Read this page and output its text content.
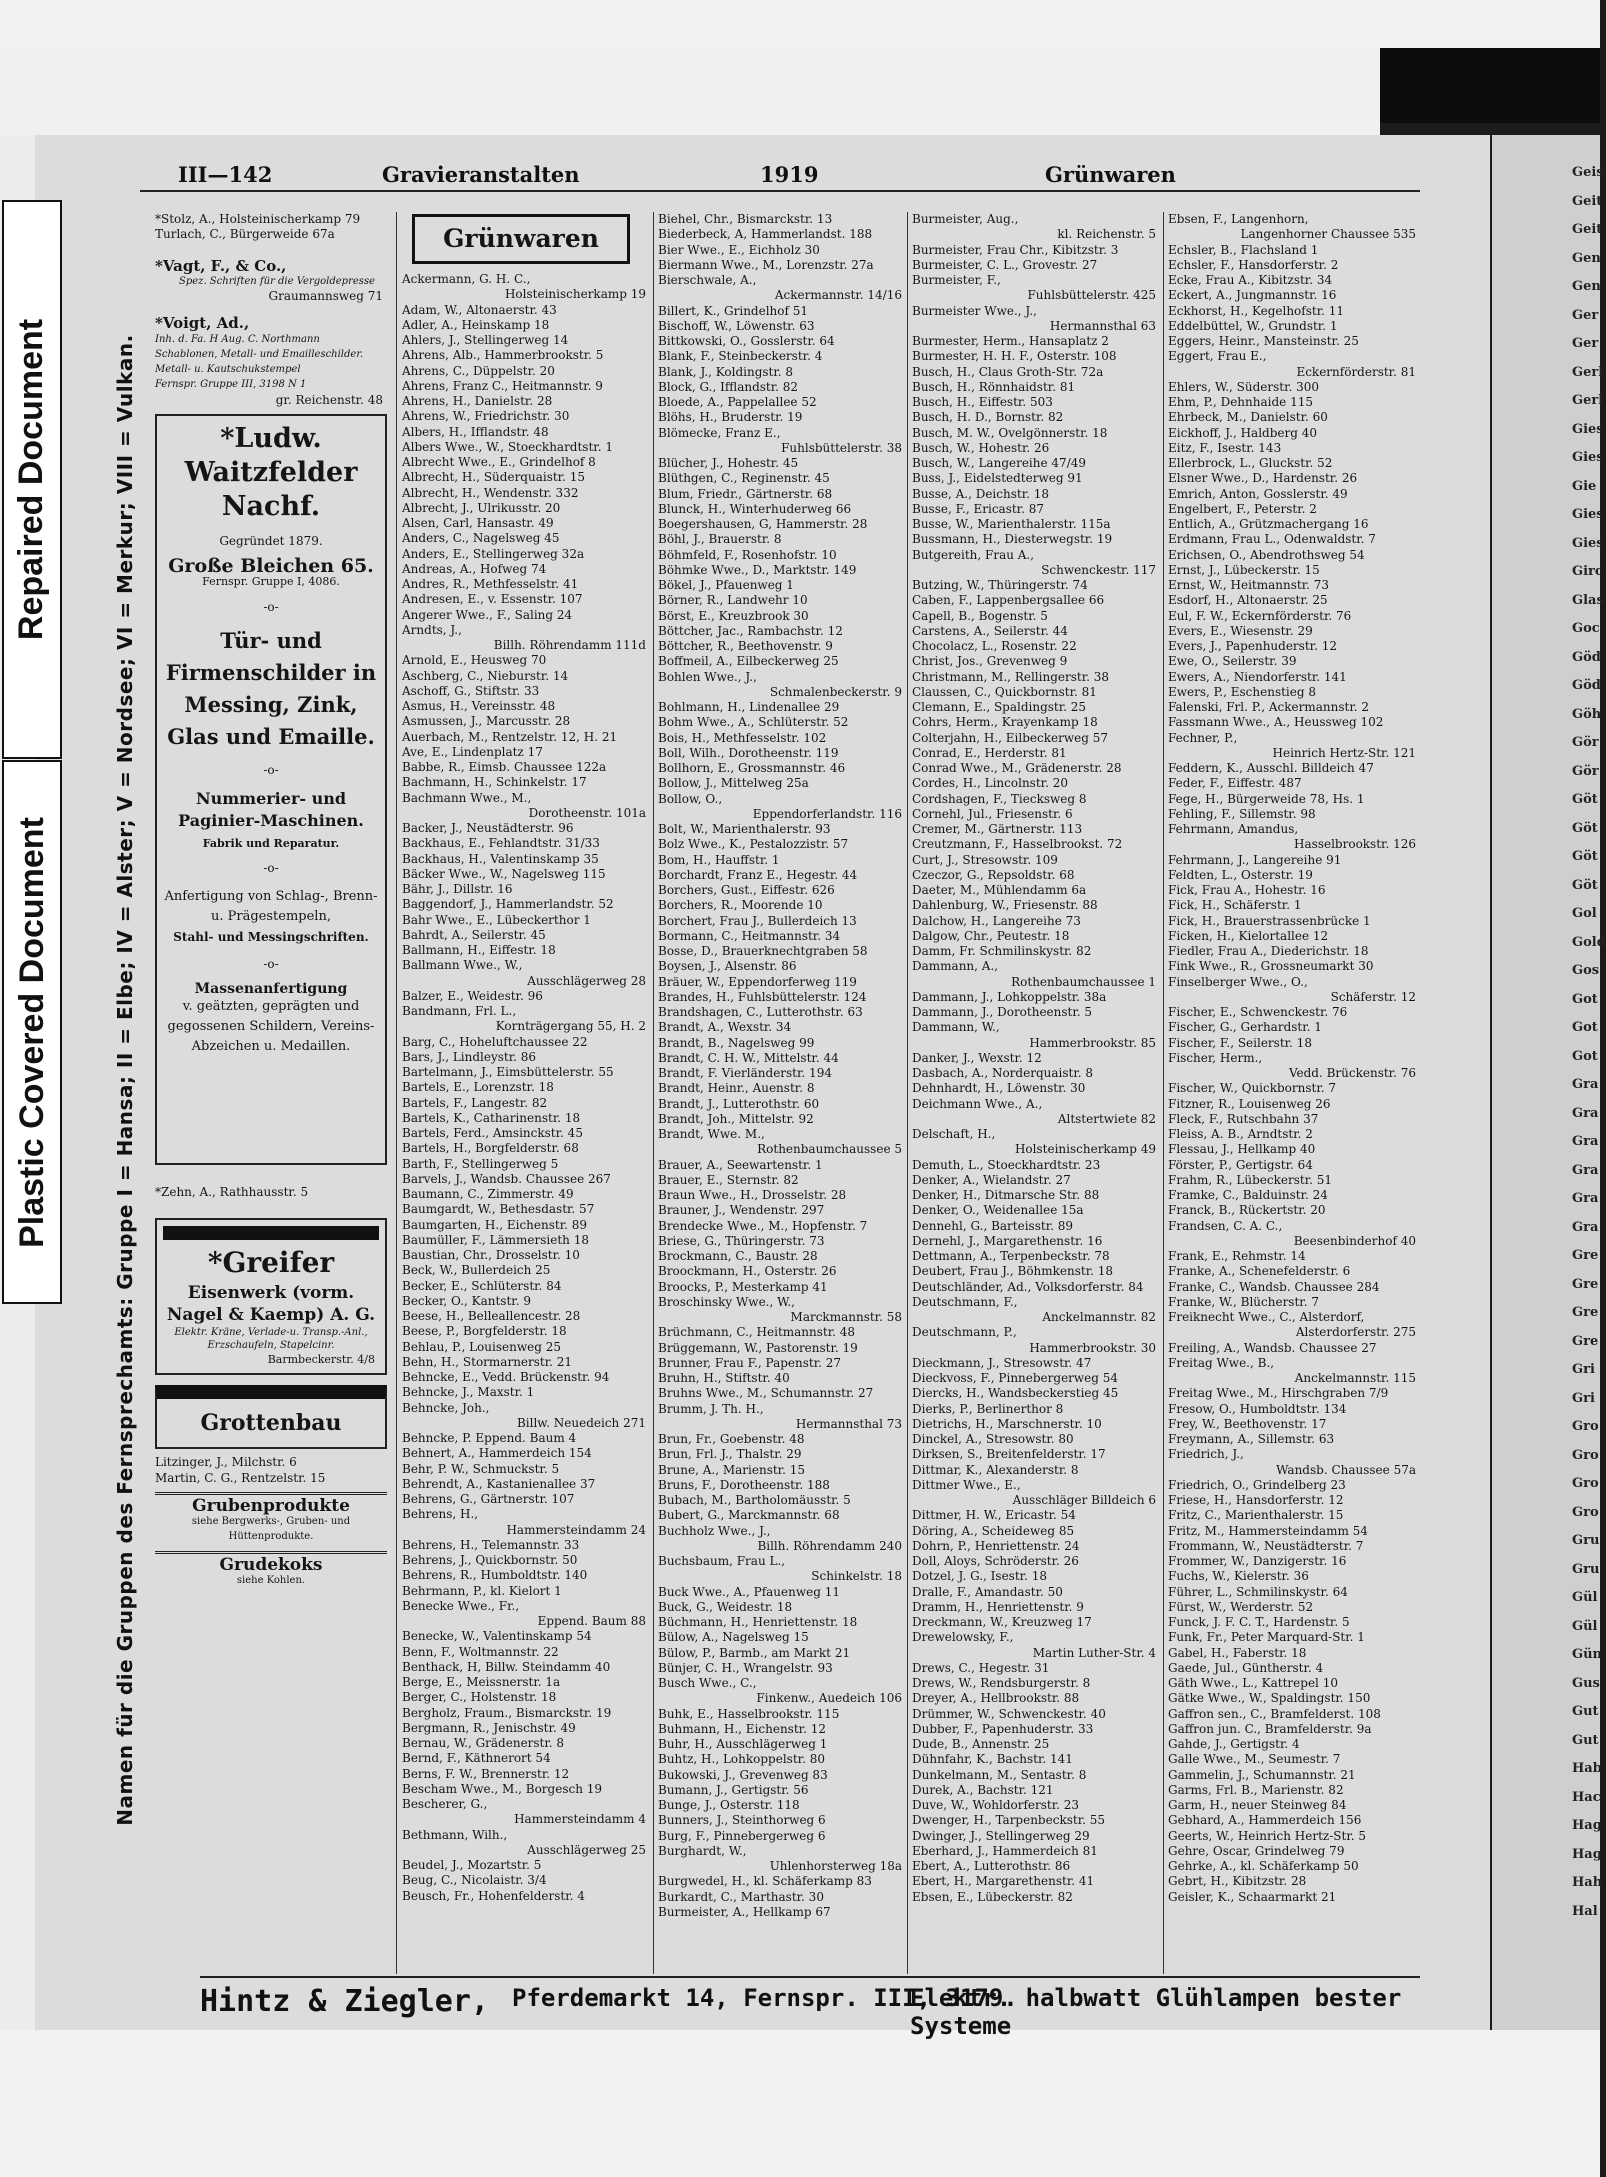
Geis
Geit
Geit
Gen
Gen
Ger
Ger
Gerl
Gerl
Gies
Gies
Gie
Gies
Gies
Girc
Glas
Goc
Göd
Göd
Göh
Gör
Gör
Göt
Göt
Göt
Göt
Gol
Gold
Gos
Got
Got
Got
Gra
Gra
Gra
Gra
Gra
Gra
Gre
Gre
Gre
Gre
Gri
Gri
Gro
Gro
Gro
Gro
Gru
Gru
Gül
Gül
Gün
Gus
Gut
Gut
Hab
Hac
Hag
Hag
Hah
Hal
Repaired Document
Plastic Covered Document
III—142	Gravieranstalten	1919	Grünwaren
Namen für die Gruppen des Fernsprechamts: Gruppe I = Hansa; II = Elbe; IV = Alster; V = Nordsee; VI = Merkur; VIII = Vulkan.
*Stolz, A., Holsteinischerkamp 79
Turlach, C., Bürgerweide 67a
*Vagt, F., & Co.,
Spez. Schriften für die Vergoldepresse
Graumannsweg 71
*Voigt, Ad.,
Inh. d. Fa. H Aug. C. Northmann
Schablonen, Metall- und Emailleschilder.
Metall- u. Kautschukstempel
Fernspr. Gruppe III, 3198 N 1
gr. Reichenstr. 48
*Ludw. Waitzfelder Nachf.
Gegründet 1879.
Große Bleichen 65.
Fernspr. Gruppe I, 4086.
-o-
Tür- und Firmenschilder in Messing, Zink, Glas und Emaille.
-o-
Nummerier- und Paginier-Maschinen.
Fabrik und Reparatur.
-o-
Anfertigung von Schlag-, Brenn- u. Prägestempeln,
Stahl- und Messingschriften.
-o-
Massenanfertigung
v. geätzten, geprägten und gegossenen Schildern, Vereins-Abzeichen u. Medaillen.
*Zehn, A., Rathhausstr. 5
*Greifer
Eisenwerk (vorm. Nagel & Kaemp) A. G.
Elektr. Kräne, Verlade-u. Transp.-Anl., Erzschaufeln, Stapelcinr.
Barmbeckerstr. 4/8
Grottenbau
Litzinger, J., Milchstr. 6
Martin, C. G., Rentzelstr. 15
Grubenprodukte
siehe Bergwerks-, Gruben- und Hüttenprodukte.
Grudekoks
siehe Kohlen.
Grünwaren
Ackermann, G. H. C.,
Holsteinischerkamp 19
Adam, W., Altonaerstr. 43
Adler, A., Heinskamp 18
Ahlers, J., Stellingerweg 14
Ahrens, Alb., Hammerbrookstr. 5
Ahrens, C., Düppelstr. 20
Ahrens, Franz C., Heitmannstr. 9
Ahrens, H., Danielstr. 28
Ahrens, W., Friedrichstr. 30
Albers, H., Ifflandstr. 48
Albers Wwe., W., Stoeckhardtstr. 1
Albrecht Wwe., E., Grindelhof 8
Albrecht, H., Süderquaistr. 15
Albrecht, H., Wendenstr. 332
Albrecht, J., Ulrikusstr. 20
Alsen, Carl, Hansastr. 49
Anders, C., Nagelsweg 45
Anders, E., Stellingerweg 32a
Andreas, A., Hofweg 74
Andres, R., Methfesselstr. 41
Andresen, E., v. Essenstr. 107
Angerer Wwe., F., Saling 24
Arndts, J.,
Billh. Röhrendamm 111d
Arnold, E., Heusweg 70
Aschberg, C., Nieburstr. 14
Aschoff, G., Stiftstr. 33
Asmus, H., Vereinsstr. 48
Asmussen, J., Marcusstr. 28
Auerbach, M., Rentzelstr. 12, H. 21
Ave, E., Lindenplatz 17
Babbe, R., Eimsb. Chaussee 122a
Bachmann, H., Schinkelstr. 17
Bachmann Wwe., M.,
Dorotheenstr. 101a
Backer, J., Neustädterstr. 96
Backhaus, E., Fehlandtstr. 31/33
Backhaus, H., Valentinskamp 35
Bäcker Wwe., W., Nagelsweg 115
Bähr, J., Dillstr. 16
Baggendorf, J., Hammerlandstr. 52
Bahr Wwe., E., Lübeckerthor 1
Bahrdt, A., Seilerstr. 45
Ballmann, H., Eiffestr. 18
Ballmann Wwe., W.,
Ausschlägerweg 28
Balzer, E., Weidestr. 96
Bandmann, Frl. L.,
Kornträgergang 55, H. 2
Barg, C., Hoheluftchaussee 22
Bars, J., Lindleystr. 86
Bartelmann, J., Eimsbüttelerstr. 55
Bartels, E., Lorenzstr. 18
Bartels, F., Langestr. 82
Bartels, K., Catharinenstr. 18
Bartels, Ferd., Amsinckstr. 45
Bartels, H., Borgfelderstr. 68
Barth, F., Stellingerweg 5
Barvels, J., Wandsb. Chaussee 267
Baumann, C., Zimmerstr. 49
Baumgardt, W., Bethesdastr. 57
Baumgarten, H., Eichenstr. 89
Baumüller, F., Lämmersieth 18
Baustian, Chr., Drosselstr. 10
Beck, W., Bullerdeich 25
Becker, E., Schlüterstr. 84
Becker, O., Kantstr. 9
Beese, H., Belleallencestr. 28
Beese, P., Borgfelderstr. 18
Behlau, P., Louisenweg 25
Behn, H., Stormarnerstr. 21
Behncke, E., Vedd. Brückenstr. 94
Behncke, J., Maxstr. 1
Behncke, Joh.,
Billw. Neuedeich 271
Behncke, P. Eppend. Baum 4
Behnert, A., Hammerdeich 154
Behr, P. W., Schmuckstr. 5
Behrendt, A., Kastanienallee 37
Behrens, G., Gärtnerstr. 107
Behrens, H.,
Hammersteindamm 24
Behrens, H., Telemannstr. 33
Behrens, J., Quickbornstr. 50
Behrens, R., Humboldtstr. 140
Behrmann, P., kl. Kielort 1
Benecke Wwe., Fr.,
Eppend. Baum 88
Benecke, W., Valentinskamp 54
Benn, F., Woltmannstr. 22
Benthack, H, Billw. Steindamm 40
Berge, E., Meissnerstr. 1a
Berger, C., Holstenstr. 18
Bergholz, Fraum., Bismarckstr. 19
Bergmann, R., Jenischstr. 49
Bernau, W., Grädenerstr. 8
Bernd, F., Käthnerort 54
Berns, F. W., Brennerstr. 12
Bescham Wwe., M., Borgesch 19
Bescherer, G.,
Hammersteindamm 4
Bethmann, Wilh.,
Ausschlägerweg 25
Beudel, J., Mozartstr. 5
Beug, C., Nicolaistr. 3/4
Beusch, Fr., Hohenfelderstr. 4
Biehel, Chr., Bismarckstr. 13
Biederbeck, A, Hammerlandst. 188
Bier Wwe., E., Eichholz 30
Biermann Wwe., M., Lorenzstr. 27a
Bierschwale, A.,
Ackermannstr. 14/16
Billert, K., Grindelhof 51
Bischoff, W., Löwenstr. 63
Bittkowski, O., Gosslerstr. 64
Blank, F., Steinbeckerstr. 4
Blank, J., Koldingstr. 8
Block, G., Ifflandstr. 82
Bloede, A., Pappelallee 52
Blöhs, H., Bruderstr. 19
Blömecke, Franz E.,
Fuhlsbüttelerstr. 38
Blücher, J., Hohestr. 45
Blüthgen, C., Reginenstr. 45
Blum, Friedr., Gärtnerstr. 68
Blunck, H., Winterhuderweg 66
Boegershausen, G, Hammerstr. 28
Böhl, J., Brauerstr. 8
Böhmfeld, F., Rosenhofstr. 10
Böhmke Wwe., D., Marktstr. 149
Bökel, J., Pfauenweg 1
Börner, R., Landwehr 10
Börst, E., Kreuzbrook 30
Böttcher, Jac., Rambachstr. 12
Böttcher, R., Beethovenstr. 9
Boffmeil, A., Eilbeckerweg 25
Bohlen Wwe., J.,
Schmalenbeckerstr. 9
Bohlmann, H., Lindenallee 29
Bohm Wwe., A., Schlüterstr. 52
Bois, H., Methfesselstr. 102
Boll, Wilh., Dorotheenstr. 119
Bollhorn, E., Grossmannstr. 46
Bollow, J., Mittelweg 25a
Bollow, O.,
Eppendorferlandstr. 116
Bolt, W., Marienthalerstr. 93
Bolz Wwe., K., Pestalozzistr. 57
Bom, H., Hauffstr. 1
Borchardt, Franz E., Hegestr. 44
Borchers, Gust., Eiffestr. 626
Borchers, R., Moorende 10
Borchert, Frau J., Bullerdeich 13
Bormann, C., Heitmannstr. 34
Bosse, D., Brauerknechtgraben 58
Boysen, J., Alsenstr. 86
Bräuer, W., Eppendorferweg 119
Brandes, H., Fuhlsbüttelerstr. 124
Brandshagen, C., Lutterothstr. 63
Brandt, A., Wexstr. 34
Brandt, B., Nagelsweg 99
Brandt, C. H. W., Mittelstr. 44
Brandt, F. Vierländerstr. 194
Brandt, Heinr., Auenstr. 8
Brandt, J., Lutterothstr. 60
Brandt, Joh., Mittelstr. 92
Brandt, Wwe. M.,
Rothenbaumchaussee 5
Brauer, A., Seewartenstr. 1
Brauer, E., Sternstr. 82
Braun Wwe., H., Drosselstr. 28
Brauner, J., Wendenstr. 297
Brendecke Wwe., M., Hopfenstr. 7
Briese, G., Thüringerstr. 73
Brockmann, C., Baustr. 28
Broockmann, H., Osterstr. 26
Broocks, P., Mesterkamp 41
Broschinsky Wwe., W.,
Marckmannstr. 58
Brüchmann, C., Heitmannstr. 48
Brüggemann, W., Pastorenstr. 19
Brunner, Frau F., Papenstr. 27
Bruhn, H., Stiftstr. 40
Bruhns Wwe., M., Schumannstr. 27
Brumm, J. Th. H.,
Hermannsthal 73
Brun, Fr., Goebenstr. 48
Brun, Frl. J., Thalstr. 29
Brune, A., Marienstr. 15
Bruns, F., Dorotheenstr. 188
Bubach, M., Bartholomäusstr. 5
Bubert, G., Marckmannstr. 68
Buchholz Wwe., J.,
Billh. Röhrendamm 240
Buchsbaum, Frau L.,
Schinkelstr. 18
Buck Wwe., A., Pfauenweg 11
Buck, G., Weidestr. 18
Büchmann, H., Henriettenstr. 18
Bülow, A., Nagelsweg 15
Bülow, P., Barmb., am Markt 21
Bünjer, C. H., Wrangelstr. 93
Busch Wwe., C.,
Finkenw., Auedeich 106
Buhk, E., Hasselbrookstr. 115
Buhmann, H., Eichenstr. 12
Buhr, H., Ausschlägerweg 1
Buhtz, H., Lohkoppelstr. 80
Bukowski, J., Grevenweg 83
Bumann, J., Gertigstr. 56
Bunge, J., Osterstr. 118
Bunners, J., Steinthorweg 6
Burg, F., Pinnebergerweg 6
Burghardt, W.,
Uhlenhorsterweg 18a
Burgwedel, H., kl. Schäferkamp 83
Burkardt, C., Marthastr. 30
Burmeister, A., Hellkamp 67
Burmeister, Aug.,
kl. Reichenstr. 5
Burmeister, Frau Chr., Kibitzstr. 3
Burmeister, C. L., Grovestr. 27
Burmeister, F.,
Fuhlsbüttelerstr. 425
Burmeister Wwe., J.,
Hermannsthal 63
Burmester, Herm., Hansaplatz 2
Burmester, H. H. F., Osterstr. 108
Busch, H., Claus Groth-Str. 72a
Busch, H., Rönnhaidstr. 81
Busch, H., Eiffestr. 503
Busch, H. D., Bornstr. 82
Busch, M. W., Ovelgönnerstr. 18
Busch, W., Hohestr. 26
Busch, W., Langereihe 47/49
Buss, J., Eidelstedterweg 91
Busse, A., Deichstr. 18
Busse, F., Ericastr. 87
Busse, W., Marienthalerstr. 115a
Bussmann, H., Diesterwegstr. 19
Butgereith, Frau A.,
Schwenckestr. 117
Butzing, W., Thüringerstr. 74
Caben, F., Lappenbergsallee 66
Capell, B., Bogenstr. 5
Carstens, A., Seilerstr. 44
Chocolacz, L., Rosenstr. 22
Christ, Jos., Grevenweg 9
Christmann, M., Rellingerstr. 38
Claussen, C., Quickbornstr. 81
Clemann, E., Spaldingstr. 25
Cohrs, Herm., Krayenkamp 18
Colterjahn, H., Eilbeckerweg 57
Conrad, E., Herderstr. 81
Conrad Wwe., M., Grädenerstr. 28
Cordes, H., Lincolnstr. 20
Cordshagen, F., Tiecksweg 8
Cornehl, Jul., Friesenstr. 6
Cremer, M., Gärtnerstr. 113
Creutzmann, F., Hasselbrookst. 72
Curt, J., Stresowstr. 109
Czeczor, G., Repsoldstr. 68
Daeter, M., Mühlendamm 6a
Dahlenburg, W., Friesenstr. 88
Dalchow, H., Langereihe 73
Dalgow, Chr., Peutestr. 18
Damm, Fr. Schmilinskystr. 82
Dammann, A.,
Rothenbaumchaussee 1
Dammann, J., Lohkoppelstr. 38a
Dammann, J., Dorotheenstr. 5
Dammann, W.,
Hammerbrookstr. 85
Danker, J., Wexstr. 12
Dasbach, A., Norderquaistr. 8
Dehnhardt, H., Löwenstr. 30
Deichmann Wwe., A.,
Altstertwiete 82
Delschaft, H.,
Holsteinischerkamp 49
Demuth, L., Stoeckhardtstr. 23
Denker, A., Wielandstr. 27
Denker, H., Ditmarsche Str. 88
Denker, O., Weidenallee 15a
Dennehl, G., Barteisstr. 89
Dernehl, J., Margarethenstr. 16
Dettmann, A., Terpenbeckstr. 78
Deubert, Frau J., Böhmkenstr. 18
Deutschländer, Ad., Volksdorferstr. 84
Deutschmann, F.,
Anckelmannstr. 82
Deutschmann, P.,
Hammerbrookstr. 30
Dieckmann, J., Stresowstr. 47
Dieckvoss, F., Pinnebergerweg 54
Diercks, H., Wandsbeckerstieg 45
Dierks, P., Berlinerthor 8
Dietrichs, H., Marschnerstr. 10
Dinckel, A., Stresowstr. 80
Dirksen, S., Breitenfelderstr. 17
Dittmar, K., Alexanderstr. 8
Dittmer Wwe., E.,
Ausschläger Billdeich 6
Dittmer, H. W., Ericastr. 54
Döring, A., Scheideweg 85
Dohrn, P., Henriettenstr. 24
Doll, Aloys, Schröderstr. 26
Dotzel, J. G., Isestr. 18
Dralle, F., Amandastr. 50
Dramm, H., Henriettenstr. 9
Dreckmann, W., Kreuzweg 17
Drewelowsky, F.,
Martin Luther-Str. 4
Drews, C., Hegestr. 31
Drews, W., Rendsburgerstr. 8
Dreyer, A., Hellbrookstr. 88
Drümmer, W., Schwenckestr. 40
Dubber, F., Papenhuderstr. 33
Dude, B., Annenstr. 25
Dühnfahr, K., Bachstr. 141
Dunkelmann, M., Sentastr. 8
Durek, A., Bachstr. 121
Duve, W., Wohldorferstr. 23
Dwenger, H., Tarpenbeckstr. 55
Dwinger, J., Stellingerweg 29
Eberhard, J., Hammerdeich 81
Ebert, A., Lutterothstr. 86
Ebert, H., Margarethenstr. 41
Ebsen, E., Lübeckerstr. 82
Ebsen, F., Langenhorn,
Langenhorner Chaussee 535
Echsler, B., Flachsland 1
Echsler, F., Hansdorferstr. 2
Ecke, Frau A., Kibitzstr. 34
Eckert, A., Jungmannstr. 16
Eckhorst, H., Kegelhofstr. 11
Eddelbüttel, W., Grundstr. 1
Eggers, Heinr., Mansteinstr. 25
Eggert, Frau E.,
Eckernförderstr. 81
Ehlers, W., Süderstr. 300
Ehm, P., Dehnhaide 115
Ehrbeck, M., Danielstr. 60
Eickhoff, J., Haldberg 40
Eitz, F., Isestr. 143
Ellerbrock, L., Gluckstr. 52
Elsner Wwe., D., Hardenstr. 26
Emrich, Anton, Gosslerstr. 49
Engelbert, F., Peterstr. 2
Entlich, A., Grützmachergang 16
Erdmann, Frau L., Odenwaldstr. 7
Erichsen, O., Abendrothsweg 54
Ernst, J., Lübeckerstr. 15
Ernst, W., Heitmannstr. 73
Esdorf, H., Altonaerstr. 25
Eul, F. W., Eckernförderstr. 76
Evers, E., Wiesenstr. 29
Evers, J., Papenhuderstr. 12
Ewe, O., Seilerstr. 39
Ewers, A., Niendorferstr. 141
Ewers, P., Eschenstieg 8
Falenski, Frl. P., Ackermannstr. 2
Fassmann Wwe., A., Heussweg 102
Fechner, P.,
Heinrich Hertz-Str. 121
Feddern, K., Ausschl. Billdeich 47
Feder, F., Eiffestr. 487
Fege, H., Bürgerweide 78, Hs. 1
Fehling, F., Sillemstr. 98
Fehrmann, Amandus,
Hasselbrookstr. 126
Fehrmann, J., Langereihe 91
Feldten, L., Osterstr. 19
Fick, Frau A., Hohestr. 16
Fick, H., Schäferstr. 1
Fick, H., Brauerstrassenbrücke 1
Ficken, H., Kielortallee 12
Fiedler, Frau A., Diederichstr. 18
Fink Wwe., R., Grossneumarkt 30
Finselberger Wwe., O.,
Schäferstr. 12
Fischer, E., Schwenckestr. 76
Fischer, G., Gerhardstr. 1
Fischer, F., Seilerstr. 18
Fischer, Herm.,
Vedd. Brückenstr. 76
Fischer, W., Quickbornstr. 7
Fitzner, R., Louisenweg 26
Fleck, F., Rutschbahn 37
Fleiss, A. B., Arndtstr. 2
Flessau, J., Hellkamp 40
Förster, P., Gertigstr. 64
Frahm, R., Lübeckerstr. 51
Framke, C., Balduinstr. 24
Franck, B., Rückertstr. 20
Frandsen, C. A. C.,
Beesenbinderhof 40
Frank, E., Rehmstr. 14
Franke, A., Schenefelderstr. 6
Franke, C., Wandsb. Chaussee 284
Franke, W., Blücherstr. 7
Freiknecht Wwe., C., Alsterdorf,
Alsterdorferstr. 275
Freiling, A., Wandsb. Chaussee 27
Freitag Wwe., B.,
Anckelmannstr. 115
Freitag Wwe., M., Hirschgraben 7/9
Fresow, O., Humboldtstr. 134
Frey, W., Beethovenstr. 17
Freymann, A., Sillemstr. 63
Friedrich, J.,
Wandsb. Chaussee 57a
Friedrich, O., Grindelberg 23
Friese, H., Hansdorferstr. 12
Fritz, C., Marienthalerstr. 15
Fritz, M., Hammersteindamm 54
Frommann, W., Neustädterstr. 7
Frommer, W., Danzigerstr. 16
Fuchs, W., Kielerstr. 36
Führer, L., Schmilinskystr. 64
Fürst, W., Werderstr. 52
Funck, J. F. C. T., Hardenstr. 5
Funk, Fr., Peter Marquard-Str. 1
Gabel, H., Faberstr. 18
Gaede, Jul., Güntherstr. 4
Gäth Wwe., L., Kattrepel 10
Gätke Wwe., W., Spaldingstr. 150
Gaffron sen., C., Bramfelderst. 108
Gaffron jun. C., Bramfelderstr. 9a
Gahde, J., Gertigstr. 4
Galle Wwe., M., Seumestr. 7
Gammelin, J., Schumannstr. 21
Garms, Frl. B., Marienstr. 82
Garm, H., neuer Steinweg 84
Gebhard, A., Hammerdeich 156
Geerts, W., Heinrich Hertz-Str. 5
Gehre, Oscar, Grindelweg 79
Gehrke, A., kl. Schäferkamp 50
Gebrt, H., Kibitzstr. 28
Geisler, K., Schaarmarkt 21
Hintz & Ziegler, Pferdemarkt 14, Fernspr. III, 3179.
Elektr. halbwatt Glühlampen bester Systeme
